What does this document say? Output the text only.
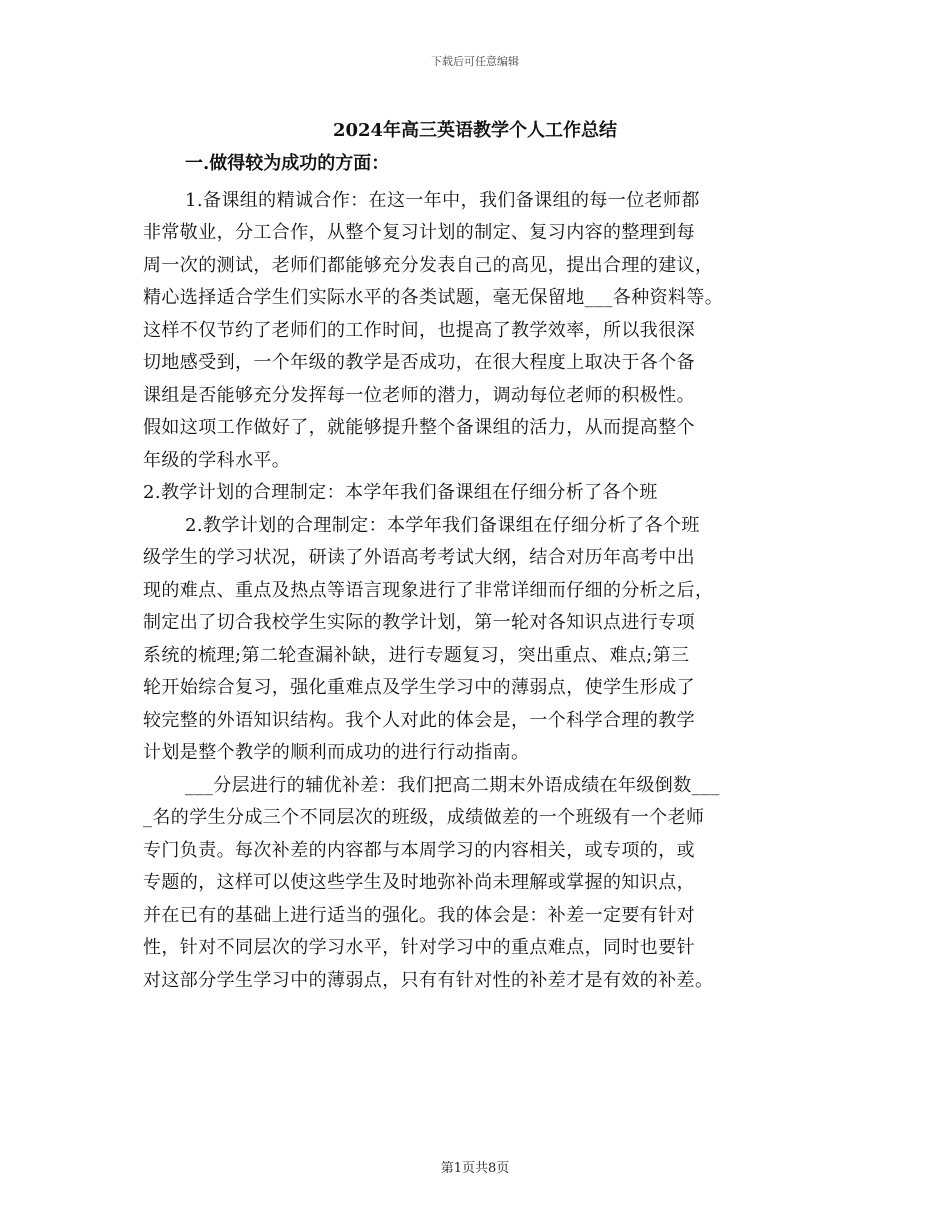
下载后可任意编辑
2024年高三英语教学个人工作总结
一.做得较为成功的方面：
1.备课组的精诚合作：在这一年中，我们备课组的每一位老师都
非常敬业，分工合作，从整个复习计划的制定、复习内容的整理到每
周一次的测试，老师们都能够充分发表自己的高见，提出合理的建议，
精心选择适合学生们实际水平的各类试题，毫无保留地___各种资料等。
这样不仅节约了老师们的工作时间，也提高了教学效率，所以我很深
切地感受到，一个年级的教学是否成功，在很大程度上取决于各个备
课组是否能够充分发挥每一位老师的潜力，调动每位老师的积极性。
假如这项工作做好了，就能够提升整个备课组的活力，从而提高整个
年级的学科水平。
2.教学计划的合理制定：本学年我们备课组在仔细分析了各个班
2.教学计划的合理制定：本学年我们备课组在仔细分析了各个班
级学生的学习状况，研读了外语高考考试大纲，结合对历年高考中出
现的难点、重点及热点等语言现象进行了非常详细而仔细的分析之后，
制定出了切合我校学生实际的教学计划，第一轮对各知识点进行专项
系统的梳理;第二轮查漏补缺，进行专题复习，突出重点、难点;第三
轮开始综合复习，强化重难点及学生学习中的薄弱点，使学生形成了
较完整的外语知识结构。我个人对此的体会是，一个科学合理的教学
计划是整个教学的顺利而成功的进行行动指南。
___分层进行的辅优补差：我们把高二期末外语成绩在年级倒数___
_名的学生分成三个不同层次的班级，成绩做差的一个班级有一个老师
专门负责。每次补差的内容都与本周学习的内容相关，或专项的，或
专题的，这样可以使这些学生及时地弥补尚未理解或掌握的知识点，
并在已有的基础上进行适当的强化。我的体会是：补差一定要有针对
性，针对不同层次的学习水平，针对学习中的重点难点，同时也要针
对这部分学生学习中的薄弱点，只有有针对性的补差才是有效的补差。
第1页共8页
